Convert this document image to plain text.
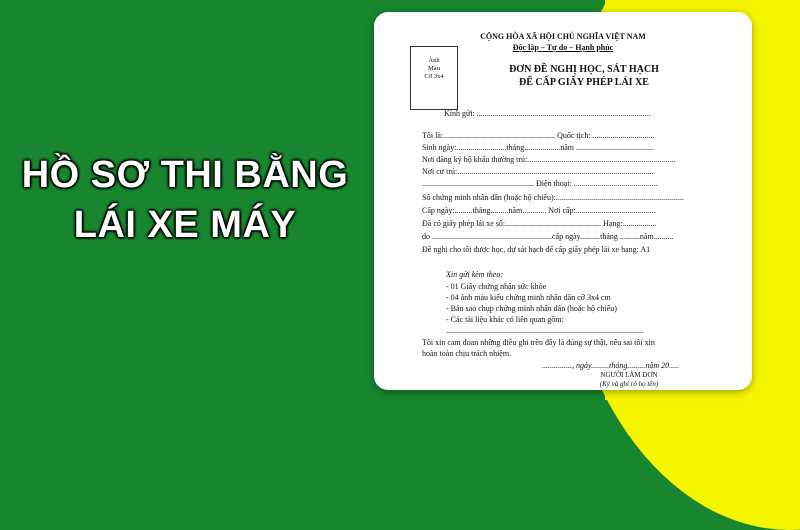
HỒ SƠ THI BẰNG
LÁI XE MÁY
CỘNG HÒA XÃ HỘI CHỦ NGHĨA VIỆT NAM
Độc lập – Tự do – Hạnh phúc
Ảnh
Màu
Cỡ 3x4
ĐƠN ĐỀ NGHỊ HỌC, SÁT HẠCH
ĐỂ CẤP GIẤY PHÉP LÁI XE
Kính gửi: .......................................................................................
Tôi là:........................................................ Quốc tịch: ...............................
Sinh ngày:.........................tháng..................năm .......................................
Nơi đăng ký hộ khẩu thường trú:..........................................................................
Nơi cư trú:..................................................................................................
........................................................ Điện thoại: ..........................................
Số chứng minh nhân dân (hoặc hộ chiếu):................................................................
Cấp ngày:.........tháng.........năm............ Nơi cấp:........................................
Đã có giấy phép lái xe số:................................................ Hạng:.................
do ............................................................cấp ngày..........tháng ..........năm..........
Đề nghị cho tôi được học, dự sát hạch để cấp giấy phép lái xe hạng: A1
Xin gửi kèm theo:
- 01 Giấy chứng nhận sức khỏe
- 04 ảnh màu kiểu chứng minh nhân dân cỡ 3x4 cm
- Bản sao chụp chứng minh nhân dân (hoặc hộ chiếu)
- Các tài liệu khác có liên quan gồm:
...................................................................................................
Tôi xin cam đoan những điều ghi trên đây là đúng sự thật, nếu sai tôi xin
hoàn toàn chịu trách nhiệm.
..............., ngày.........tháng.........năm 20.....
NGƯỜI LÀM ĐƠN
(Ký và ghi rõ họ tên)
